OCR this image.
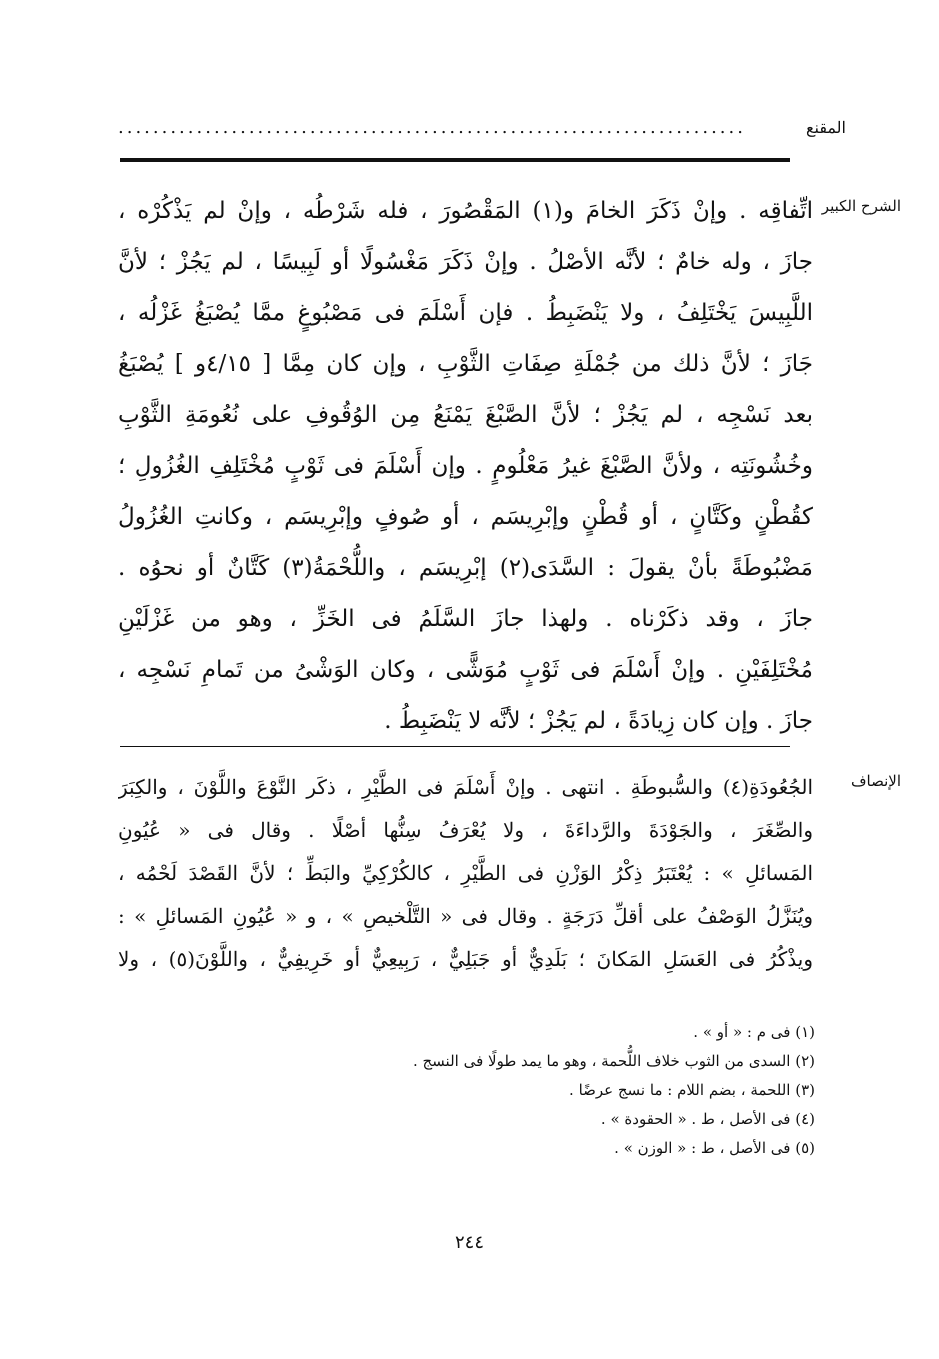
المقنع
........................................................................
الشرح الكبير
اتِّفاقِه . وإنْ ذَكَرَ الخامَ و(١) المَقْصُورَ ، فله شَرْطُه ، وإنْ لم يَذْكُرْه ،
جازَ ، وله خامٌ ؛ لأنَّه الأصْلُ . وإنْ ذَكَرَ مَغْسُولًا أو لَبِيسًا ، لم يَجُزْ ؛ لأنَّ
اللَّبِيسَ يَخْتَلِفُ ، ولا يَنْضَبِطُ . فإن أَسْلَمَ فى مَصْبُوغٍ ممَّا يُصْبَغُ غَزْلُه ،
جَازَ ؛ لأنَّ ذلك من جُمْلَةِ صِفَاتِ الثَّوْبِ ، وإن كان مِمَّا [ ٤/١٥و ] يُصْبَغُ
بعد نَسْجِه ، لم يَجُزْ ؛ لأنَّ الصَّبْغَ يَمْنَعُ مِن الوُقُوفِ على نُعُومَةِ الثَّوْبِ
وخُشُونَتِه ، ولأنَّ الصَّبْغَ غيرُ مَعْلُومٍ . وإن أَسْلَمَ فى ثَوْبٍ مُخْتَلِفِ الغُزُولِ ؛
كقُطْنٍ وكَتَّانٍ ، أو قُطْنٍ وإبْرِيسَم ، أو صُوفٍ وإبْرِيسَم ، وكانتِ الغُزُولُ
مَضْبُوطَةً بأنْ يقولَ : السَّدَى(٢) إبْرِيسَم ، واللُّحْمَةُ(٣) كَتَّانٌ أو نحوُه .
جازَ ، وقد ذكَرْناه . ولهذا جازَ السَّلَمُ فى الخَزِّ ، وهو من غَزْلَيْنِ
مُخْتَلِفَيْنِ . وإنْ أَسْلَمَ فى ثَوْبٍ مُوَشًّى ، وكان الوَشْىُ من تَمامِ نَسْجِه ،
جازَ . وإن كان زِيادَةً ، لم يَجُزْ ؛ لأنَّه لا يَنْضَبِطُ .
الإنصاف
الجُعُودَةِ(٤) والسُّبوطَةِ . انتهى . وإنْ أَسْلَمَ فى الطَّيْرِ ، ذكَر النَّوْعَ واللَّوْنَ ، والكِبَرَ
والصِّغَرَ ، والجَوْدَةَ والرَّداءَةَ ، ولا يُعْرَفُ سِنُّها أصْلًا . وقال فى « عُيُونِ
المَسائلِ » : يُعْتَبَرُ ذِكْرُ الوَزْنِ فى الطَّيْرِ ، كالكُرْكِيِّ والبَطِّ ؛ لأنَّ القَصْدَ لَحْمُه ،
ويُنَزَّلُ الوَصْفُ على أقلِّ دَرَجَةٍ . وقال فى « التَّلْخيصِ » ، و « عُيُونِ المَسائلِ » :
ويذْكُرُ فى العَسَلِ المَكانَ ؛ بَلَدِيٌّ أو جَبَلِيٌّ ، رَبِيعِيٌّ أو خَرِيفِيٌّ ، واللَّوْنَ(٥) ، ولا
(١) فى م : « أو » .
(٢) السدى من الثوب خلاف اللُّحمة ، وهو ما يمد طولًا فى النسج .
(٣) اللحمة ، بضم اللام : ما نسج عرضًا .
(٤) فى الأصل ، ط . « الحقودة » .
(٥) فى الأصل ، ط : « الوزن » .
٢٤٤
